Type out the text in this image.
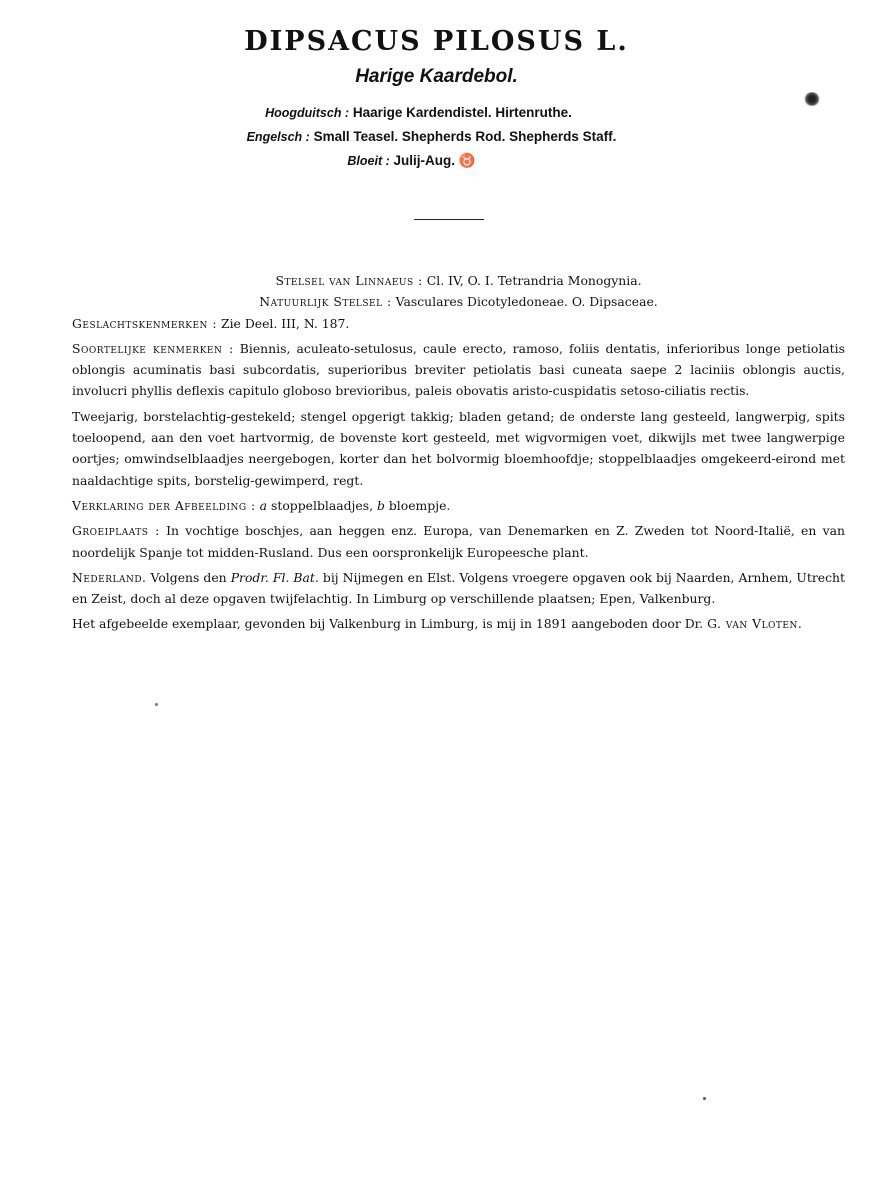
DIPSACUS PILOSUS L.
Harige Kaardebol.
Hoogduitsch : Haarige Kardendistel. Hirtenruthe.
Engelsch : Small Teasel. Shepherds Rod. Shepherds Staff.
Bloeit : Julij-Aug. ♉

Stelsel van Linnaeus : Cl. IV, O. I. Tetrandria Monogynia.

Natuurlijk Stelsel : Vasculares Dicotyledoneae. O. Dipsaceae.

Geslachtskenmerken : Zie Deel. III, N. 187.

Soortelijke kenmerken : Biennis, aculeato-setulosus, caule erecto, ramoso, foliis dentatis, inferioribus longe petiolatis oblongis acuminatis basi subcordatis, superioribus breviter petiolatis basi cuneata saepe 2 laciniis oblongis auctis, involucri phyllis deflexis capitulo globoso brevioribus, paleis obovatis aristo-cuspidatis setoso-ciliatis rectis.

Tweejarig, borstelachtig-gestekeld; stengel opgerigt takkig; bladen getand; de onderste lang gesteeld, langwerpig, spits toeloopend, aan den voet hartvormig, de bovenste kort gesteeld, met wigvormigen voet, dikwijls met twee langwerpige oortjes; omwindselblaadjes neergebogen, korter dan het bolvormig bloemhoofdje; stoppelblaadjes omgekeerd-eirond met naaldachtige spits, borstelig-gewimperd, regt.

Verklaring der Afbeelding : a stoppelblaadjes, b bloempje.

Groeiplaats : In vochtige boschjes, aan heggen enz. Europa, van Denemarken en Z. Zweden tot Noord-Italië, en van noordelijk Spanje tot midden-Rusland. Dus een oorspronkelijk Europeesche plant.

Nederland. Volgens den Prodr. Fl. Bat. bij Nijmegen en Elst. Volgens vroegere opgaven ook bij Naarden, Arnhem, Utrecht en Zeist, doch al deze opgaven twijfelachtig. In Limburg op verschillende plaatsen; Epen, Valkenburg.

Het afgebeelde exemplaar, gevonden bij Valkenburg in Limburg, is mij in 1891 aangeboden door Dr. G. van Vloten.
